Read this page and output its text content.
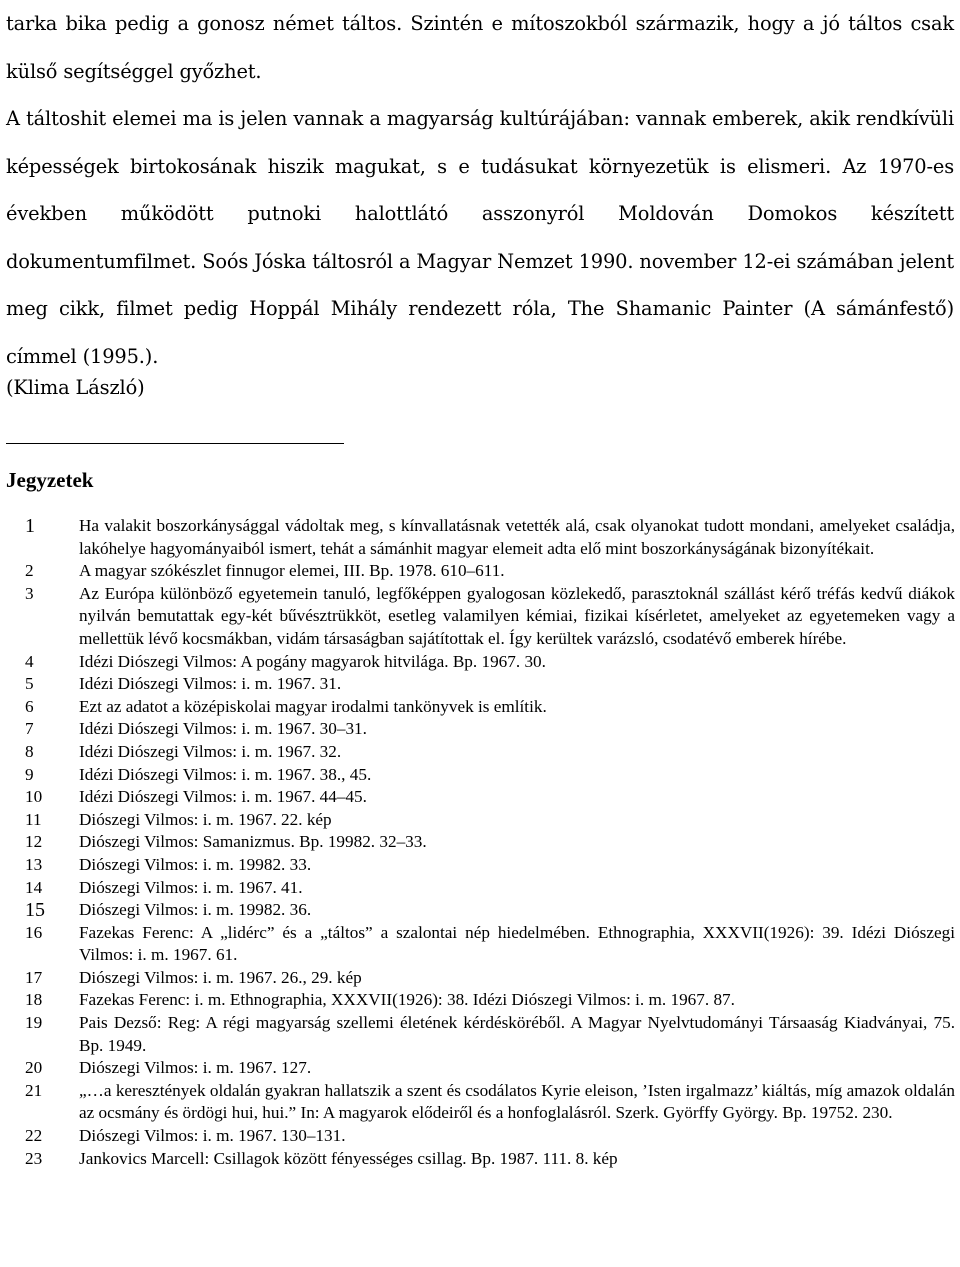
tarka bika pedig a gonosz német táltos. Szintén e mítoszokból származik, hogy a jó táltos csak külső segítséggel győzhet.

A táltoshit elemei ma is jelen vannak a magyarság kultúrájában: vannak emberek, akik rendkívüli képességek birtokosának hiszik magukat, s e tudásukat környezetük is elismeri. Az 1970-es években működött putnoki halottlátó asszonyról Moldován Domokos készített dokumentumfilmet. Soós Jóska táltosról a Magyar Nemzet 1990. november 12-ei számában jelent meg cikk, filmet pedig Hoppál Mihály rendezett róla, The Shamanic Painter (A sámánfestő) címmel (1995.).

(Klima László)
Jegyzetek
1	Ha valakit boszorkánysággal vádoltak meg, s kínvallatásnak vetették alá, csak olyanokat tudott mondani, amelyeket családja, lakóhelye hagyományaiból ismert, tehát a sámánhit magyar elemeit adta elő mint boszorkányságának bizonyítékait.
2	A magyar szókészlet finnugor elemei, III. Bp. 1978. 610–611.
3	Az Európa különböző egyetemein tanuló, legfőképpen gyalogosan közlekedő, parasztoknál szállást kérő tréfás kedvű diákok nyilván bemutattak egy-két bűvésztrükköt, esetleg valamilyen kémiai, fizikai kísérletet, amelyeket az egyetemeken vagy a mellettük lévő kocsmákban, vidám társaságban sajátítottak el. Így kerültek varázsló, csodatévő emberek hírébe.
4	Idézi Diószegi Vilmos: A pogány magyarok hitvilága. Bp. 1967. 30.
5	Idézi Diószegi Vilmos: i. m. 1967. 31.
6	Ezt az adatot a középiskolai magyar irodalmi tankönyvek is említik.
7	Idézi Diószegi Vilmos: i. m. 1967. 30–31.
8	Idézi Diószegi Vilmos: i. m. 1967. 32.
9	Idézi Diószegi Vilmos: i. m. 1967. 38., 45.
10	Idézi Diószegi Vilmos: i. m. 1967. 44–45.
11	Diószegi Vilmos: i. m. 1967. 22. kép
12	Diószegi Vilmos: Samanizmus. Bp. 19982. 32–33.
13	Diószegi Vilmos: i. m. 19982. 33.
14	Diószegi Vilmos: i. m. 1967. 41.
15	Diószegi Vilmos: i. m. 19982. 36.
16	Fazekas Ferenc: A „lidérc” és a „táltos” a szalontai nép hiedelmében. Ethnographia, XXXVII(1926): 39. Idézi Diószegi Vilmos: i. m. 1967. 61.
17	Diószegi Vilmos: i. m. 1967. 26., 29. kép
18	Fazekas Ferenc: i. m. Ethnographia, XXXVII(1926): 38. Idézi Diószegi Vilmos: i. m. 1967. 87.
19	Pais Dezső: Reg: A régi magyarság szellemi életének kérdésköréből. A Magyar Nyelvtudományi Társaaság Kiadványai, 75. Bp. 1949.
20	Diószegi Vilmos: i. m. 1967. 127.
21	„…a keresztények oldalán gyakran hallatszik a szent és csodálatos Kyrie eleison, ’Isten irgalmazz’ kiáltás, míg amazok oldalán az ocsmány és ördögi hui, hui.” In: A magyarok elődeiről és a honfoglalásról. Szerk. Györffy György. Bp. 19752. 230.
22	Diószegi Vilmos: i. m. 1967. 130–131.
23	Jankovics Marcell: Csillagok között fényességes csillag. Bp. 1987. 111. 8. kép
